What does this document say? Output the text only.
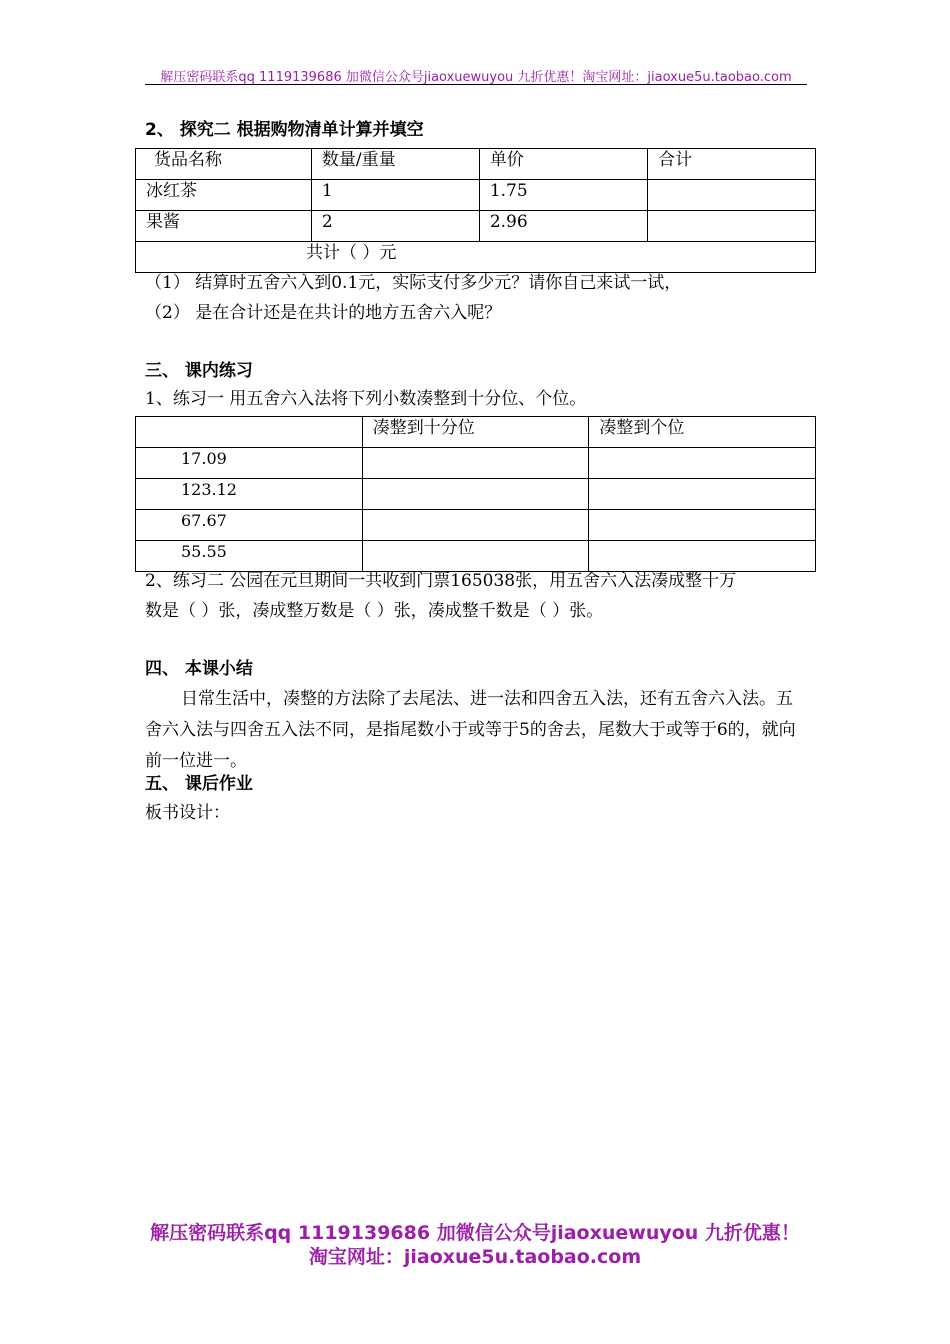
解压密码联系qq 1119139686 加微信公众号jiaoxuewuyou 九折优惠！淘宝网址：jiaoxue5u.taobao.com
2、 探究二 根据购物清单计算并填空
货品名称	数量/重量	单价	合计
冰红茶	1	1.75	
果酱	2	2.96	
共计（ ）元			
（1） 结算时五舍六入到0.1元，实际支付多少元？请你自己来试一试，
（2） 是在合计还是在共计的地方五舍六入呢？
三、 课内练习
1、练习一 用五舍六入法将下列小数凑整到十分位、个位。
	凑整到十分位	凑整到个位
17.09		
123.12		
67.67		
55.55		
2、练习二 公园在元旦期间一共收到门票165038张，用五舍六入法凑成整十万
数是（ ）张，凑成整万数是（ ）张，凑成整千数是（ ）张。
四、 本课小结
日常生活中，凑整的方法除了去尾法、进一法和四舍五入法，还有五舍六入法。五舍六入法与四舍五入法不同，是指尾数小于或等于5的舍去，尾数大于或等于6的，就向前一位进一。
五、 课后作业
板书设计：
解压密码联系qq 1119139686 加微信公众号jiaoxuewuyou 九折优惠！
淘宝网址：jiaoxue5u.taobao.com
